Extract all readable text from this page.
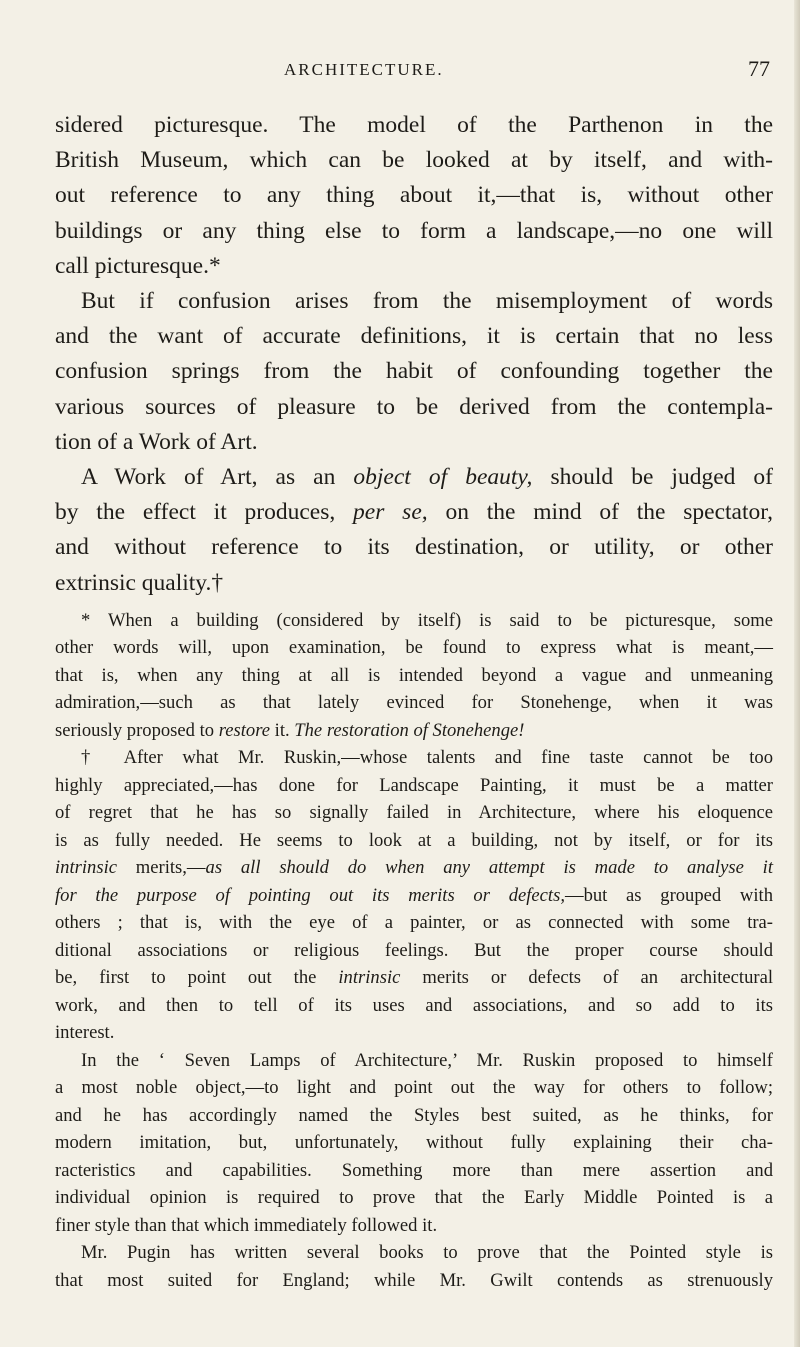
ARCHITECTURE.	77

sidered picturesque. The model of the Parthenon in the
British Museum, which can be looked at by itself, and with-
out reference to any thing about it,—that is, without other
buildings or any thing else to form a landscape,—no one will
call picturesque.*

But if confusion arises from the misemployment of words
and the want of accurate definitions, it is certain that no less
confusion springs from the habit of confounding together the
various sources of pleasure to be derived from the contempla-
tion of a Work of Art.

A Work of Art, as an object of beauty, should be judged of
by the effect it produces, per se, on the mind of the spectator,
and without reference to its destination, or utility, or other
extrinsic quality.†

* When a building (considered by itself) is said to be picturesque, some
other words will, upon examination, be found to express what is meant,—
that is, when any thing at all is intended beyond a vague and unmeaning
admiration,—such as that lately evinced for Stonehenge, when it was
seriously proposed to restore it. The restoration of Stonehenge!

† After what Mr. Ruskin,—whose talents and fine taste cannot be too
highly appreciated,—has done for Landscape Painting, it must be a matter
of regret that he has so signally failed in Architecture, where his eloquence
is as fully needed. He seems to look at a building, not by itself, or for its
intrinsic merits,—as all should do when any attempt is made to analyse it
for the purpose of pointing out its merits or defects,—but as grouped with
others ; that is, with the eye of a painter, or as connected with some tra-
ditional associations or religious feelings. But the proper course should
be, first to point out the intrinsic merits or defects of an architectural
work, and then to tell of its uses and associations, and so add to its
interest.

In the ‘ Seven Lamps of Architecture,’ Mr. Ruskin proposed to himself
a most noble object,—to light and point out the way for others to follow;
and he has accordingly named the Styles best suited, as he thinks, for
modern imitation, but, unfortunately, without fully explaining their cha-
racteristics and capabilities. Something more than mere assertion and
individual opinion is required to prove that the Early Middle Pointed is a
finer style than that which immediately followed it.

Mr. Pugin has written several books to prove that the Pointed style is
that most suited for England; while Mr. Gwilt contends as strenuously
